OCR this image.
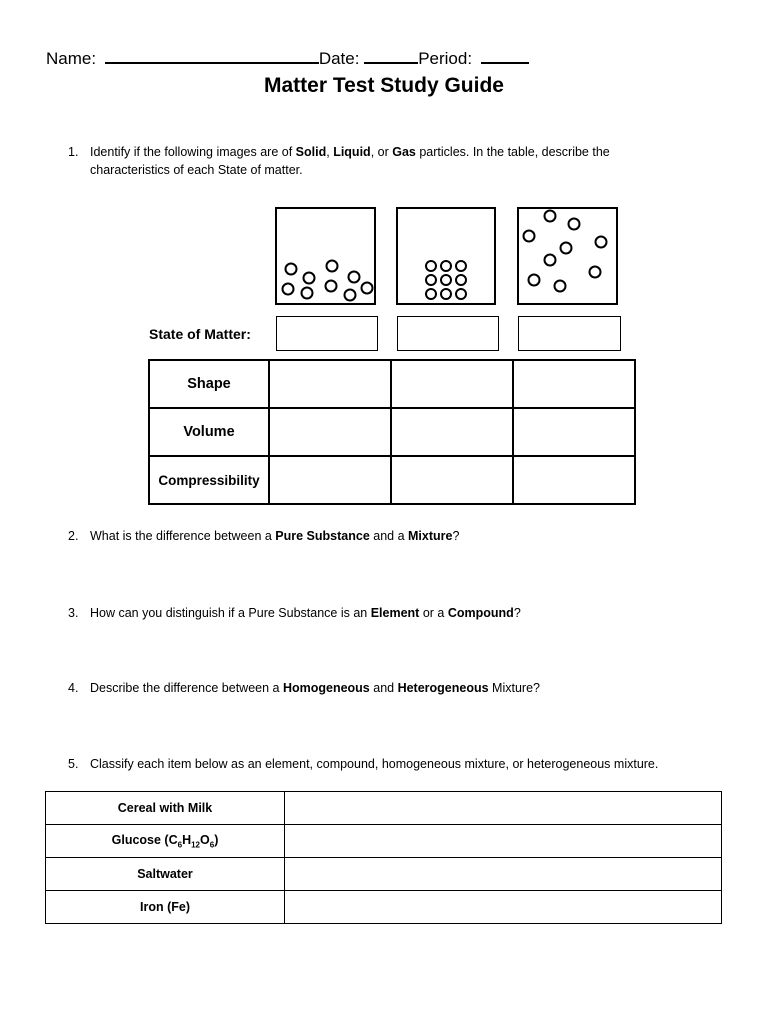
Name:	Date:	Period:
Matter Test Study Guide
1. Identify if the following images are of Solid, Liquid, or Gas particles. In the table, describe the characteristics of each State of matter.
State of Matter:
Shape			
Volume			
Compressibility			
2. What is the difference between a Pure Substance and a Mixture?
3. How can you distinguish if a Pure Substance is an Element or a Compound?
4. Describe the difference between a Homogeneous and Heterogeneous Mixture?
5. Classify each item below as an element, compound, homogeneous mixture, or heterogeneous mixture.
Cereal with Milk	
Glucose $(C_6H_{12}O_6)$	
Saltwater	
Iron (Fe)	
